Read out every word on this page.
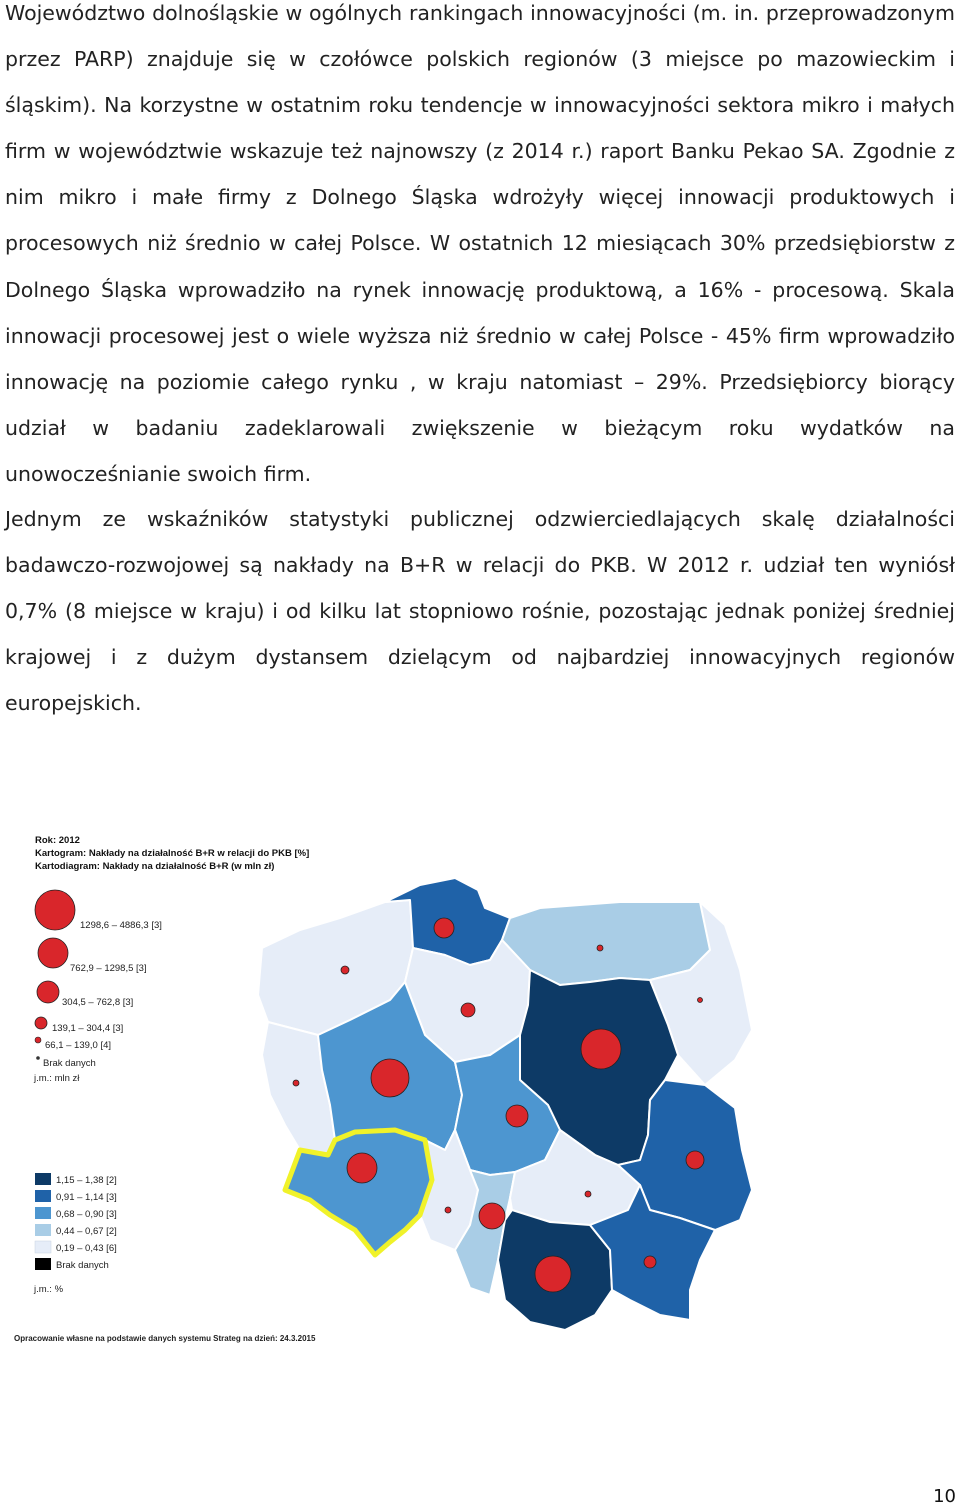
Województwo dolnośląskie w ogólnych rankingach innowacyjności (m. in. przeprowadzonym przez PARP) znajduje się w czołówce polskich regionów (3 miejsce po mazowieckim i śląskim). Na korzystne w ostatnim roku tendencje w innowacyjności sektora mikro i małych firm w województwie wskazuje też najnowszy (z 2014 r.) raport Banku Pekao SA. Zgodnie z nim mikro i małe firmy z Dolnego Śląska wdrożyły więcej innowacji produktowych i procesowych niż średnio w całej Polsce. W ostatnich 12 miesiącach 30% przedsiębiorstw z Dolnego Śląska wprowadziło na rynek innowację produktową, a 16% - procesową. Skala innowacji procesowej jest o wiele wyższa niż średnio w całej Polsce - 45% firm wprowadziło innowację na poziomie całego rynku , w kraju natomiast – 29%. Przedsiębiorcy biorący udział w badaniu zadeklarowali zwiększenie w bieżącym roku wydatków na unowocześnianie swoich firm.

Jednym ze wskaźników statystyki publicznej odzwierciedlających skalę działalności badawczo-rozwojowej są nakłady na B+R w relacji do PKB. W 2012 r. udział ten wyniósł 0,7% (8 miejsce w kraju) i od kilku lat stopniowo rośnie, pozostając jednak poniżej średniej krajowej i z dużym dystansem dzielącym od najbardziej innowacyjnych regionów europejskich.

Rok: 2012
Kartogram: Nakłady na działalność B+R w relacji do PKB [%]
Kartodiagram: Nakłady na działalność B+R (w mln zł)
1298,6 – 4886,3 [3]
762,9 – 1298,5 [3]
304,5 – 762,8 [3]
139,1 – 304,4 [3]
66,1 – 139,0 [4]
Brak danych
j.m.: mln zł
1,15 – 1,38 [2]
0,91 – 1,14 [3]
0,68 – 0,90 [3]
0,44 – 0,67 [2]
0,19 – 0,43 [6]
Brak danych
j.m.: %
Opracowanie własne na podstawie danych systemu Strateg na dzień: 24.3.2015
10
